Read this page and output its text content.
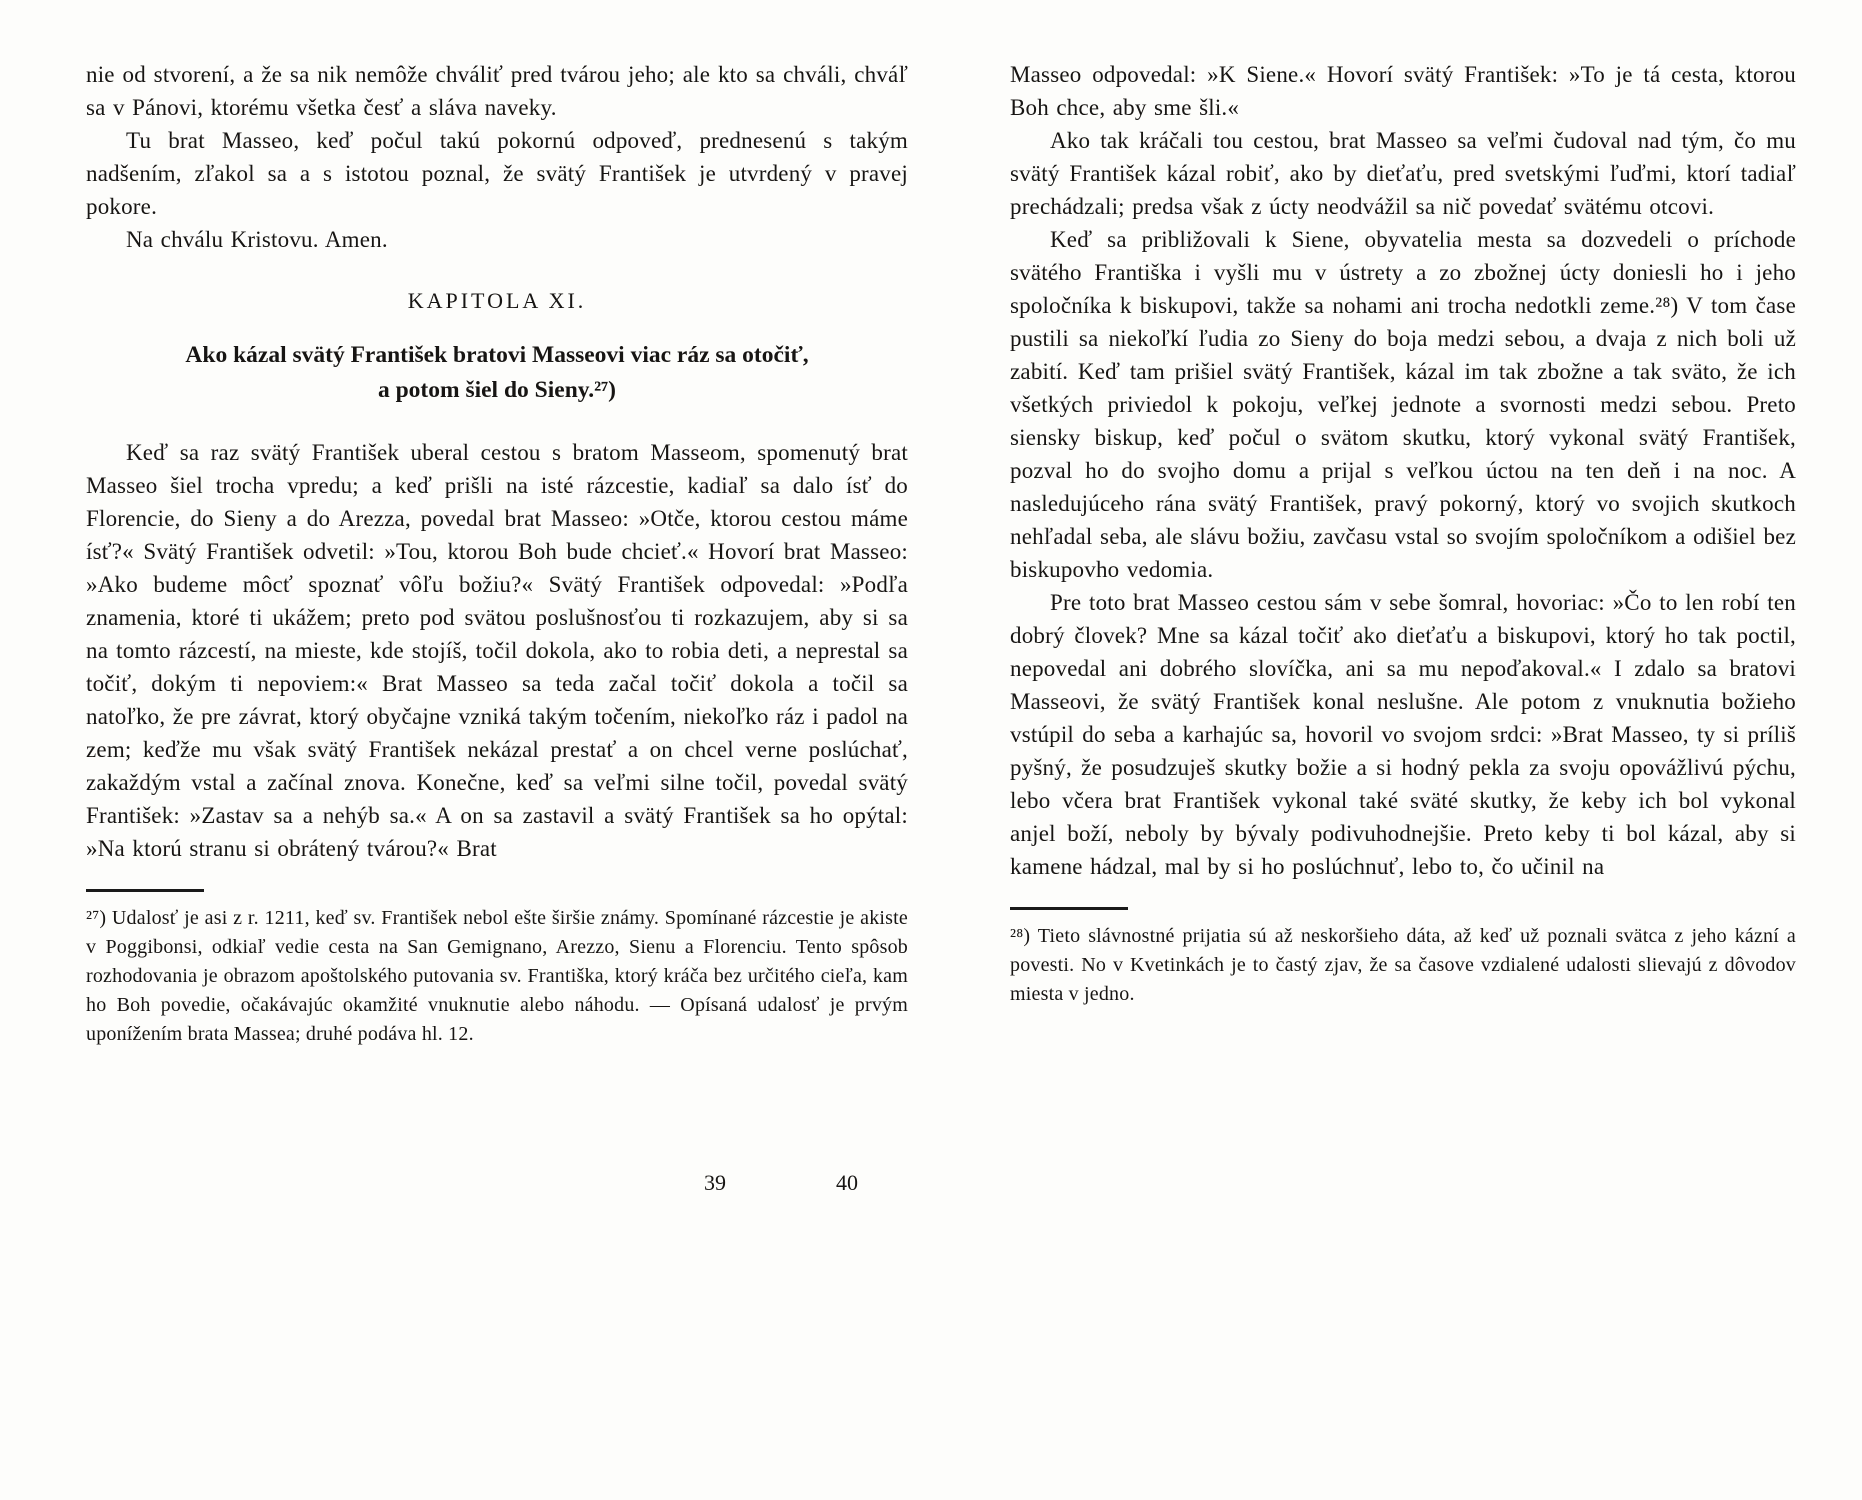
nie od stvorení, a že sa nik nemôže chváliť pred tvárou jeho; ale kto sa chváli, chváľ sa v Pánovi, ktorému všetka česť a sláva naveky.

Tu brat Masseo, keď počul takú pokornú odpoveď, prednesenú s takým nadšením, zľakol sa a s istotou poznal, že svätý František je utvrdený v pravej pokore.

Na chválu Kristovu. Amen.

KAPITOLA XI.
Ako kázal svätý František bratovi Masseovi viac ráz sa otočiť, a potom šiel do Sieny.²⁷)

Keď sa raz svätý František uberal cestou s bratom Masseom, spomenutý brat Masseo šiel trocha vpredu; a keď prišli na isté rázcestie, kadiaľ sa dalo ísť do Florencie, do Sieny a do Arezza, povedal brat Masseo: »Otče, ktorou cestou máme ísť?« Svätý František odvetil: »Tou, ktorou Boh bude chcieť.« Hovorí brat Masseo: »Ako budeme môcť spoznať vôľu božiu?« Svätý František odpovedal: »Podľa znamenia, ktoré ti ukážem; preto pod svätou poslušnosťou ti rozkazujem, aby si sa na tomto rázcestí, na mieste, kde stojíš, točil dokola, ako to robia deti, a neprestal sa točiť, dokým ti nepoviem:« Brat Masseo sa teda začal točiť dokola a točil sa natoľko, že pre závrat, ktorý obyčajne vzniká takým točením, niekoľko ráz i padol na zem; keďže mu však svätý František nekázal prestať a on chcel verne poslúchať, zakaždým vstal a začínal znova. Konečne, keď sa veľmi silne točil, povedal svätý František: »Zastav sa a nehýb sa.« A on sa zastavil a svätý František sa ho opýtal: »Na ktorú stranu si obrátený tvárou?« Brat

²⁷) Udalosť je asi z r. 1211, keď sv. František nebol ešte širšie známy. Spomínané rázcestie je akiste v Poggibonsi, odkiaľ vedie cesta na San Gemignano, Arezzo, Sienu a Florenciu. Tento spôsob rozhodovania je obrazom apoštolského putovania sv. Františka, ktorý kráča bez určitého cieľa, kam ho Boh povedie, očakávajúc okamžité vnuknutie alebo náhodu. — Opísaná udalosť je prvým uponížením brata Massea; druhé podáva hl. 12.

Masseo odpovedal: »K Siene.« Hovorí svätý František: »To je tá cesta, ktorou Boh chce, aby sme šli.«

Ako tak kráčali tou cestou, brat Masseo sa veľmi čudoval nad tým, čo mu svätý František kázal robiť, ako by dieťaťu, pred svetskými ľuďmi, ktorí tadiaľ prechádzali; predsa však z úcty neodvážil sa nič povedať svätému otcovi.

Keď sa približovali k Siene, obyvatelia mesta sa dozvedeli o príchode svätého Františka i vyšli mu v ústrety a zo zbožnej úcty doniesli ho i jeho spoločníka k biskupovi, takže sa nohami ani trocha nedotkli zeme.²⁸) V tom čase pustili sa niekoľkí ľudia zo Sieny do boja medzi sebou, a dvaja z nich boli už zabití. Keď tam prišiel svätý František, kázal im tak zbožne a tak sväto, že ich všetkých priviedol k pokoju, veľkej jednote a svornosti medzi sebou. Preto siensky biskup, keď počul o svätom skutku, ktorý vykonal svätý František, pozval ho do svojho domu a prijal s veľkou úctou na ten deň i na noc. A nasledujúceho rána svätý František, pravý pokorný, ktorý vo svojich skutkoch nehľadal seba, ale slávu božiu, zavčasu vstal so svojím spoločníkom a odišiel bez biskupovho vedomia.

Pre toto brat Masseo cestou sám v sebe šomral, hovoriac: »Čo to len robí ten dobrý človek? Mne sa kázal točiť ako dieťaťu a biskupovi, ktorý ho tak poctil, nepovedal ani dobrého slovíčka, ani sa mu nepoďakoval.« I zdalo sa bratovi Masseovi, že svätý František konal neslušne. Ale potom z vnuknutia božieho vstúpil do seba a karhajúc sa, hovoril vo svojom srdci: »Brat Masseo, ty si príliš pyšný, že posudzuješ skutky božie a si hodný pekla za svoju opovážlivú pýchu, lebo včera brat František vykonal také sväté skutky, že keby ich bol vykonal anjel boží, neboly by bývaly podivuhodnejšie. Preto keby ti bol kázal, aby si kamene hádzal, mal by si ho poslúchnuť, lebo to, čo učinil na

²⁸) Tieto slávnostné prijatia sú až neskoršieho dáta, až keď už poznali svätca z jeho kázní a povesti. No v Kvetinkách je to častý zjav, že sa časove vzdialené udalosti slievajú z dôvodov miesta v jedno.

39	40
